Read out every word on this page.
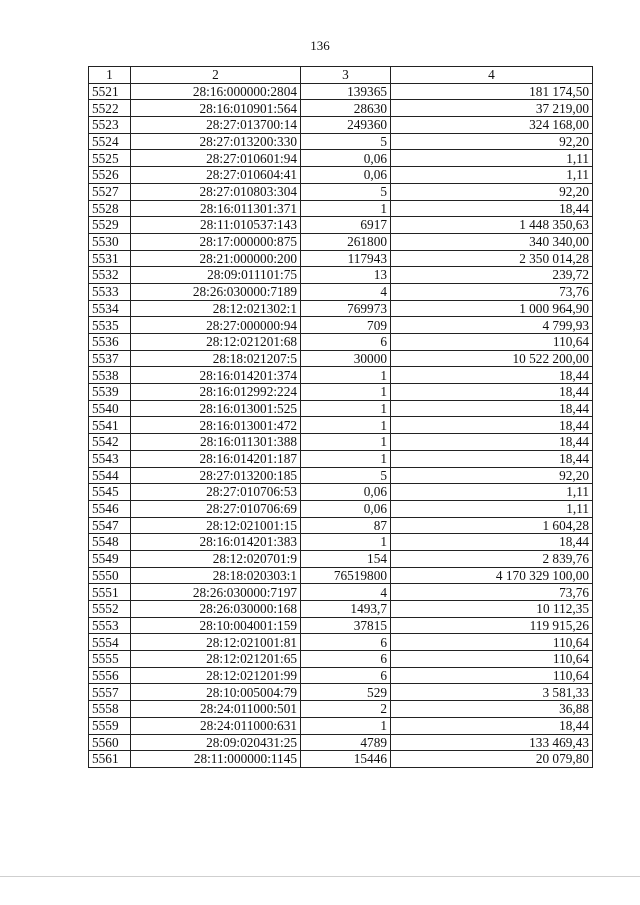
136
1	2	3	4
5521	28:16:000000:2804	139365	181 174,50
5522	28:16:010901:564	28630	37 219,00
5523	28:27:013700:14	249360	324 168,00
5524	28:27:013200:330	5	92,20
5525	28:27:010601:94	0,06	1,11
5526	28:27:010604:41	0,06	1,11
5527	28:27:010803:304	5	92,20
5528	28:16:011301:371	1	18,44
5529	28:11:010537:143	6917	1 448 350,63
5530	28:17:000000:875	261800	340 340,00
5531	28:21:000000:200	117943	2 350 014,28
5532	28:09:011101:75	13	239,72
5533	28:26:030000:7189	4	73,76
5534	28:12:021302:1	769973	1 000 964,90
5535	28:27:000000:94	709	4 799,93
5536	28:12:021201:68	6	110,64
5537	28:18:021207:5	30000	10 522 200,00
5538	28:16:014201:374	1	18,44
5539	28:16:012992:224	1	18,44
5540	28:16:013001:525	1	18,44
5541	28:16:013001:472	1	18,44
5542	28:16:011301:388	1	18,44
5543	28:16:014201:187	1	18,44
5544	28:27:013200:185	5	92,20
5545	28:27:010706:53	0,06	1,11
5546	28:27:010706:69	0,06	1,11
5547	28:12:021001:15	87	1 604,28
5548	28:16:014201:383	1	18,44
5549	28:12:020701:9	154	2 839,76
5550	28:18:020303:1	76519800	4 170 329 100,00
5551	28:26:030000:7197	4	73,76
5552	28:26:030000:168	1493,7	10 112,35
5553	28:10:004001:159	37815	119 915,26
5554	28:12:021001:81	6	110,64
5555	28:12:021201:65	6	110,64
5556	28:12:021201:99	6	110,64
5557	28:10:005004:79	529	3 581,33
5558	28:24:011000:501	2	36,88
5559	28:24:011000:631	1	18,44
5560	28:09:020431:25	4789	133 469,43
5561	28:11:000000:1145	15446	20 079,80
